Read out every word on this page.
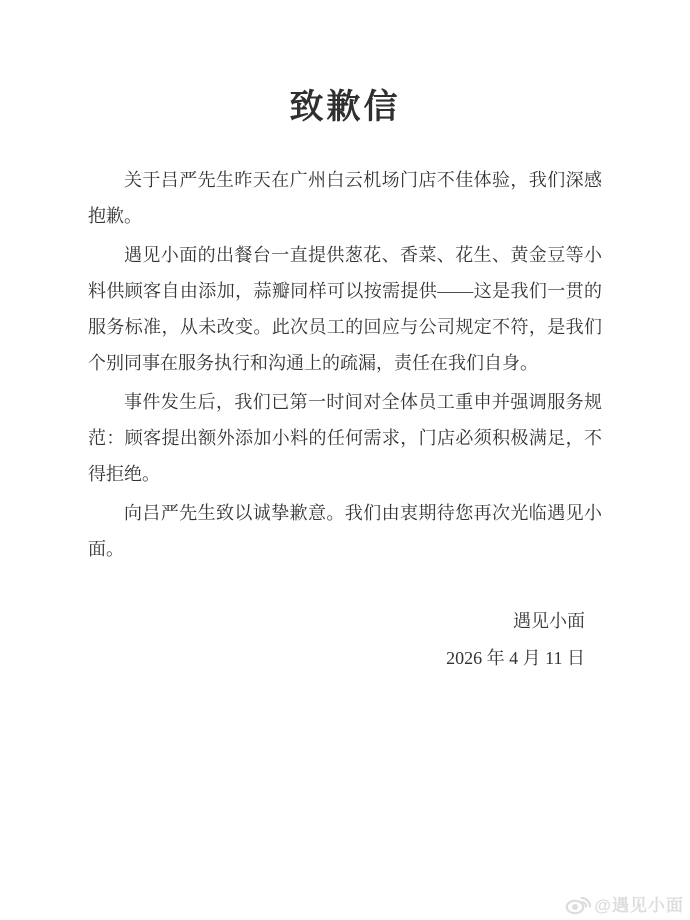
致歉信

关于吕严先生昨天在广州白云机场门店不佳体验，我们深感抱歉。

遇见小面的出餐台一直提供葱花、香菜、花生、黄金豆等小料供顾客自由添加，蒜瓣同样可以按需提供——这是我们一贯的服务标准，从未改变。此次员工的回应与公司规定不符，是我们个别同事在服务执行和沟通上的疏漏，责任在我们自身。

事件发生后，我们已第一时间对全体员工重申并强调服务规范：顾客提出额外添加小料的任何需求，门店必须积极满足，不得拒绝。

向吕严先生致以诚挚歉意。我们由衷期待您再次光临遇见小面。

遇见小面
2026 年 4 月 11 日
@遇见小面
